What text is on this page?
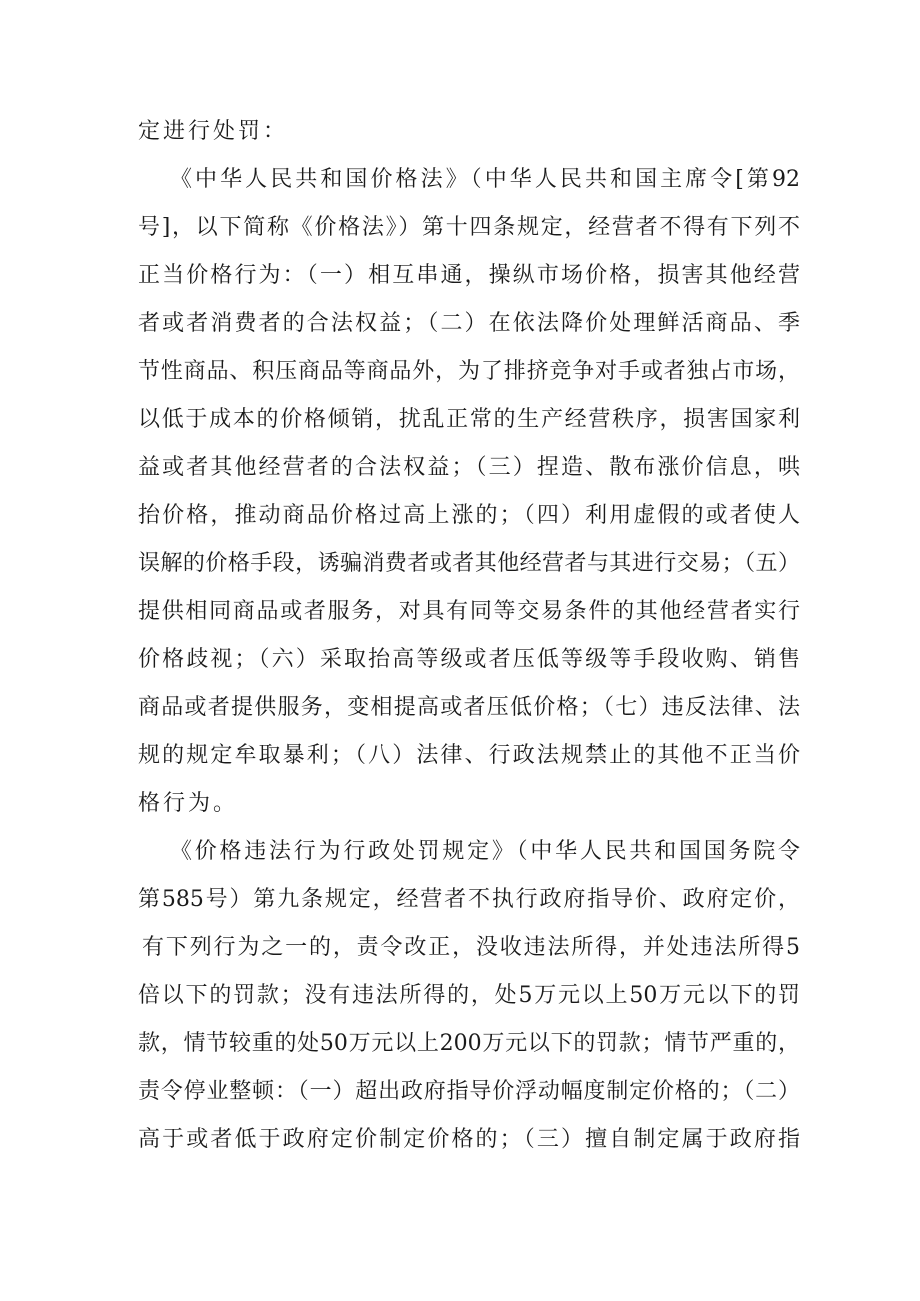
定进行处罚：
《中华人民共和国价格法》（中华人民共和国主席令[第92
号]，以下简称《价格法》）第十四条规定，经营者不得有下列不
正当价格行为：（一）相互串通，操纵市场价格，损害其他经营
者或者消费者的合法权益；（二）在依法降价处理鲜活商品、季
节性商品、积压商品等商品外，为了排挤竞争对手或者独占市场，
以低于成本的价格倾销，扰乱正常的生产经营秩序，损害国家利
益或者其他经营者的合法权益；（三）捏造、散布涨价信息，哄
抬价格，推动商品价格过高上涨的；（四）利用虚假的或者使人
误解的价格手段，诱骗消费者或者其他经营者与其进行交易；（五）
提供相同商品或者服务，对具有同等交易条件的其他经营者实行
价格歧视；（六）采取抬高等级或者压低等级等手段收购、销售
商品或者提供服务，变相提高或者压低价格；（七）违反法律、法
规的规定牟取暴利；（八）法律、行政法规禁止的其他不正当价
格行为。
《价格违法行为行政处罚规定》（中华人民共和国国务院令
第585号）第九条规定，经营者不执行政府指导价、政府定价，
有下列行为之一的，责令改正，没收违法所得，并处违法所得5
倍以下的罚款；没有违法所得的，处5万元以上50万元以下的罚
款，情节较重的处50万元以上200万元以下的罚款；情节严重的，
责令停业整顿：（一）超出政府指导价浮动幅度制定价格的；（二）
高于或者低于政府定价制定价格的；（三）擅自制定属于政府指
